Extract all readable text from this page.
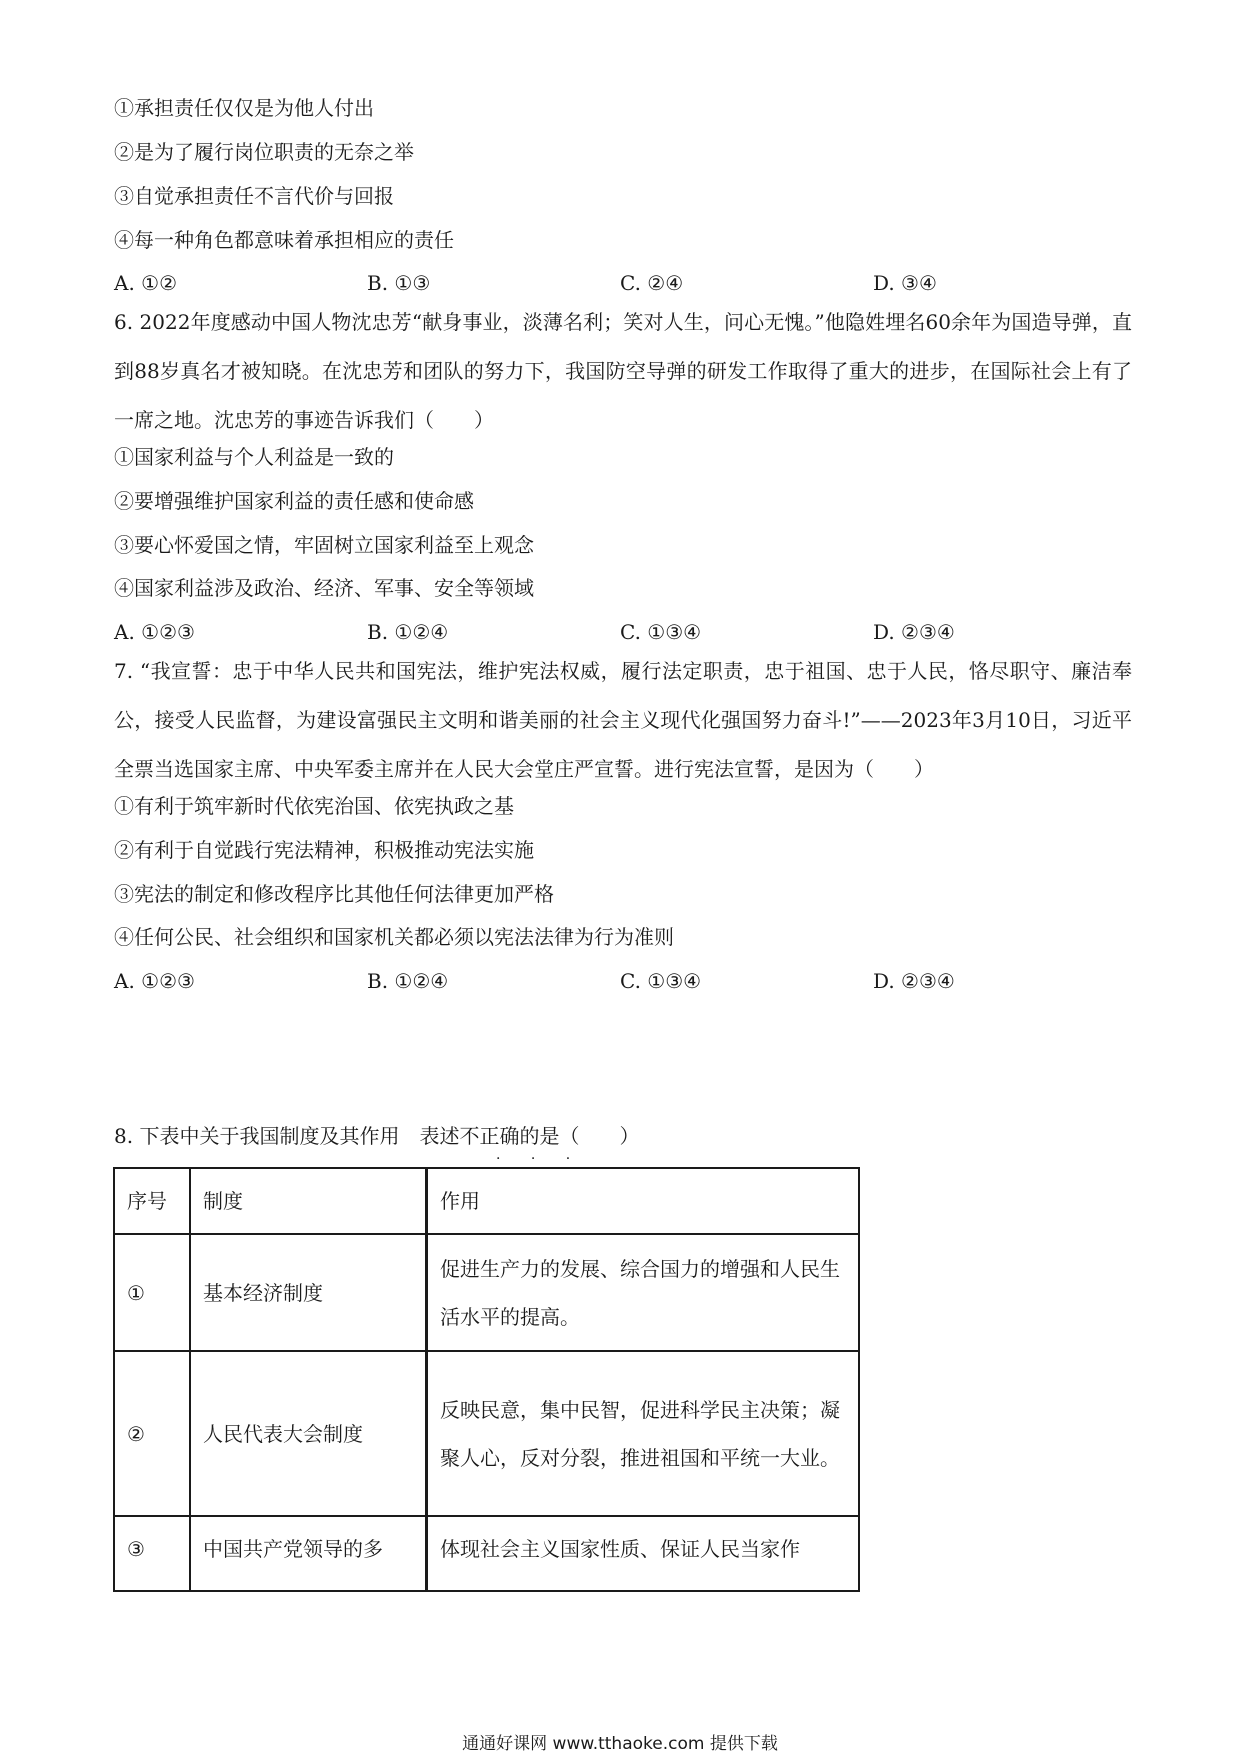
①承担责任仅仅是为他人付出
②是为了履行岗位职责的无奈之举
③自觉承担责任不言代价与回报
④每一种角色都意味着承担相应的责任
A. ①②	B. ①③	C. ②④	D. ③④
6. 2022年度感动中国人物沈忠芳“献身事业，淡薄名利；笑对人生，问心无愧。”他隐姓埋名60余年为国造导弹，直到88岁真名才被知晓。在沈忠芳和团队的努力下，我国防空导弹的研发工作取得了重大的进步，在国际社会上有了一席之地。沈忠芳的事迹告诉我们（　　）
①国家利益与个人利益是一致的
②要增强维护国家利益的责任感和使命感
③要心怀爱国之情，牢固树立国家利益至上观念
④国家利益涉及政治、经济、军事、安全等领域
A. ①②③	B. ①②④	C. ①③④	D. ②③④
7. “我宣誓：忠于中华人民共和国宪法，维护宪法权威，履行法定职责，忠于祖国、忠于人民，恪尽职守、廉洁奉公，接受人民监督，为建设富强民主文明和谐美丽的社会主义现代化强国努力奋斗!”——2023年3月10日，习近平全票当选国家主席、中央军委主席并在人民大会堂庄严宣誓。进行宪法宣誓，是因为（　　）
①有利于筑牢新时代依宪治国、依宪执政之基
②有利于自觉践行宪法精神，积极推动宪法实施
③宪法的制定和修改程序比其他任何法律更加严格
④任何公民、社会组织和国家机关都必须以宪法法律为行为准则
A. ①②③	B. ①②④	C. ①③④	D. ②③④
8. 下表中关于我国制度及其作用　表述不正确的是（　　）
· · ·
序号	制度	作用
①	基本经济制度	促进生产力的发展、综合国力的增强和人民生活水平的提高。
②	人民代表大会制度	反映民意，集中民智，促进科学民主决策；凝聚人心，反对分裂，推进祖国和平统一大业。
③	中国共产党领导的多	体现社会主义国家性质、保证人民当家作
通通好课网 www.tthaoke.com 提供下载
